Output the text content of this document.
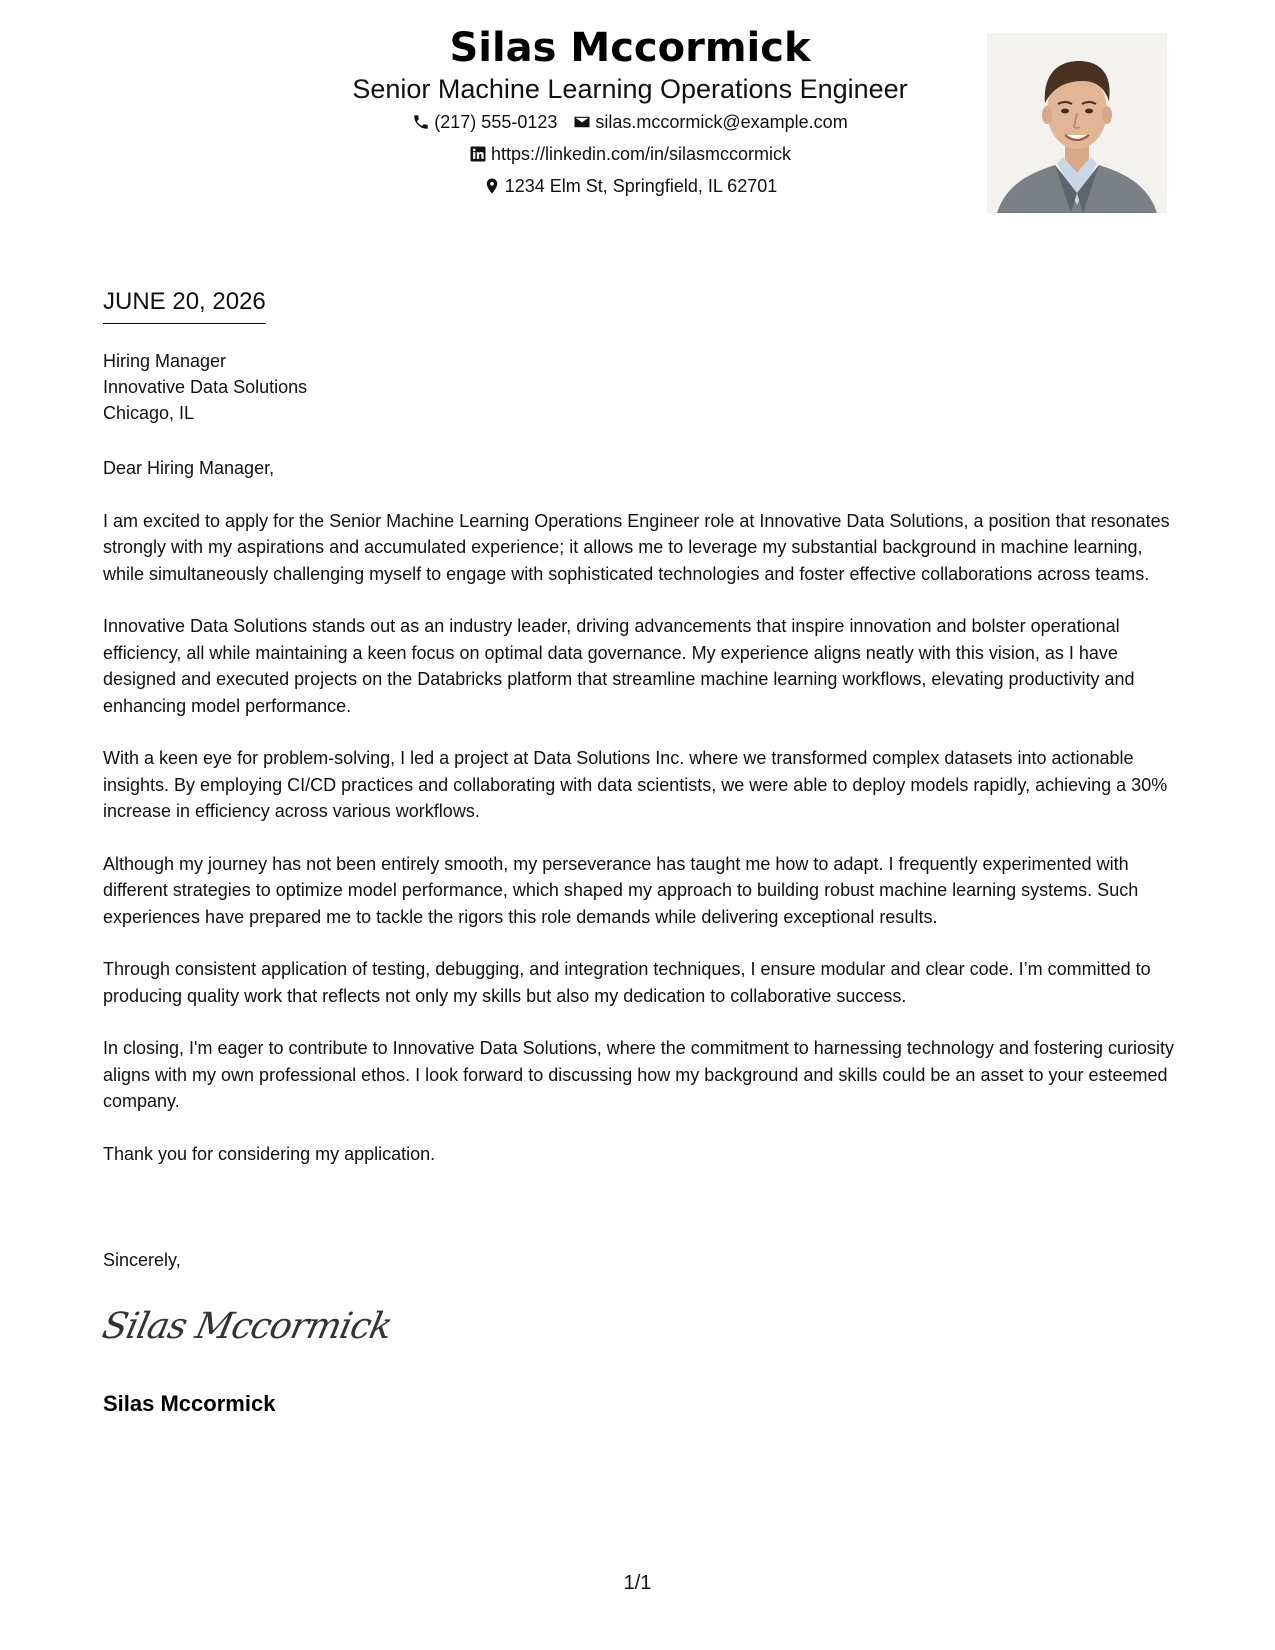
Silas Mccormick
Senior Machine Learning Operations Engineer
(217) 555-0123 silas.mccormick@example.com
https://linkedin.com/in/silasmccormick
1234 Elm St, Springfield, IL 62701
JUNE 20, 2026
Hiring Manager
Innovative Data Solutions
Chicago, IL

Dear Hiring Manager,

I am excited to apply for the Senior Machine Learning Operations Engineer role at Innovative Data Solutions, a position that resonates strongly with my aspirations and accumulated experience; it allows me to leverage my substantial background in machine learning, while simultaneously challenging myself to engage with sophisticated technologies and foster effective collaborations across teams.

Innovative Data Solutions stands out as an industry leader, driving advancements that inspire innovation and bolster operational efficiency, all while maintaining a keen focus on optimal data governance. My experience aligns neatly with this vision, as I have designed and executed projects on the Databricks platform that streamline machine learning workflows, elevating productivity and enhancing model performance.

With a keen eye for problem-solving, I led a project at Data Solutions Inc. where we transformed complex datasets into actionable insights. By employing CI/CD practices and collaborating with data scientists, we were able to deploy models rapidly, achieving a 30% increase in efficiency across various workflows.

Although my journey has not been entirely smooth, my perseverance has taught me how to adapt. I frequently experimented with different strategies to optimize model performance, which shaped my approach to building robust machine learning systems. Such experiences have prepared me to tackle the rigors this role demands while delivering exceptional results.

Through consistent application of testing, debugging, and integration techniques, I ensure modular and clear code. I’m committed to producing quality work that reflects not only my skills but also my dedication to collaborative success.

In closing, I'm eager to contribute to Innovative Data Solutions, where the commitment to harnessing technology and fostering curiosity aligns with my own professional ethos. I look forward to discussing how my background and skills could be an asset to your esteemed company.

Thank you for considering my application.

Sincerely,
Silas Mccormick
Silas Mccormick
1/1
